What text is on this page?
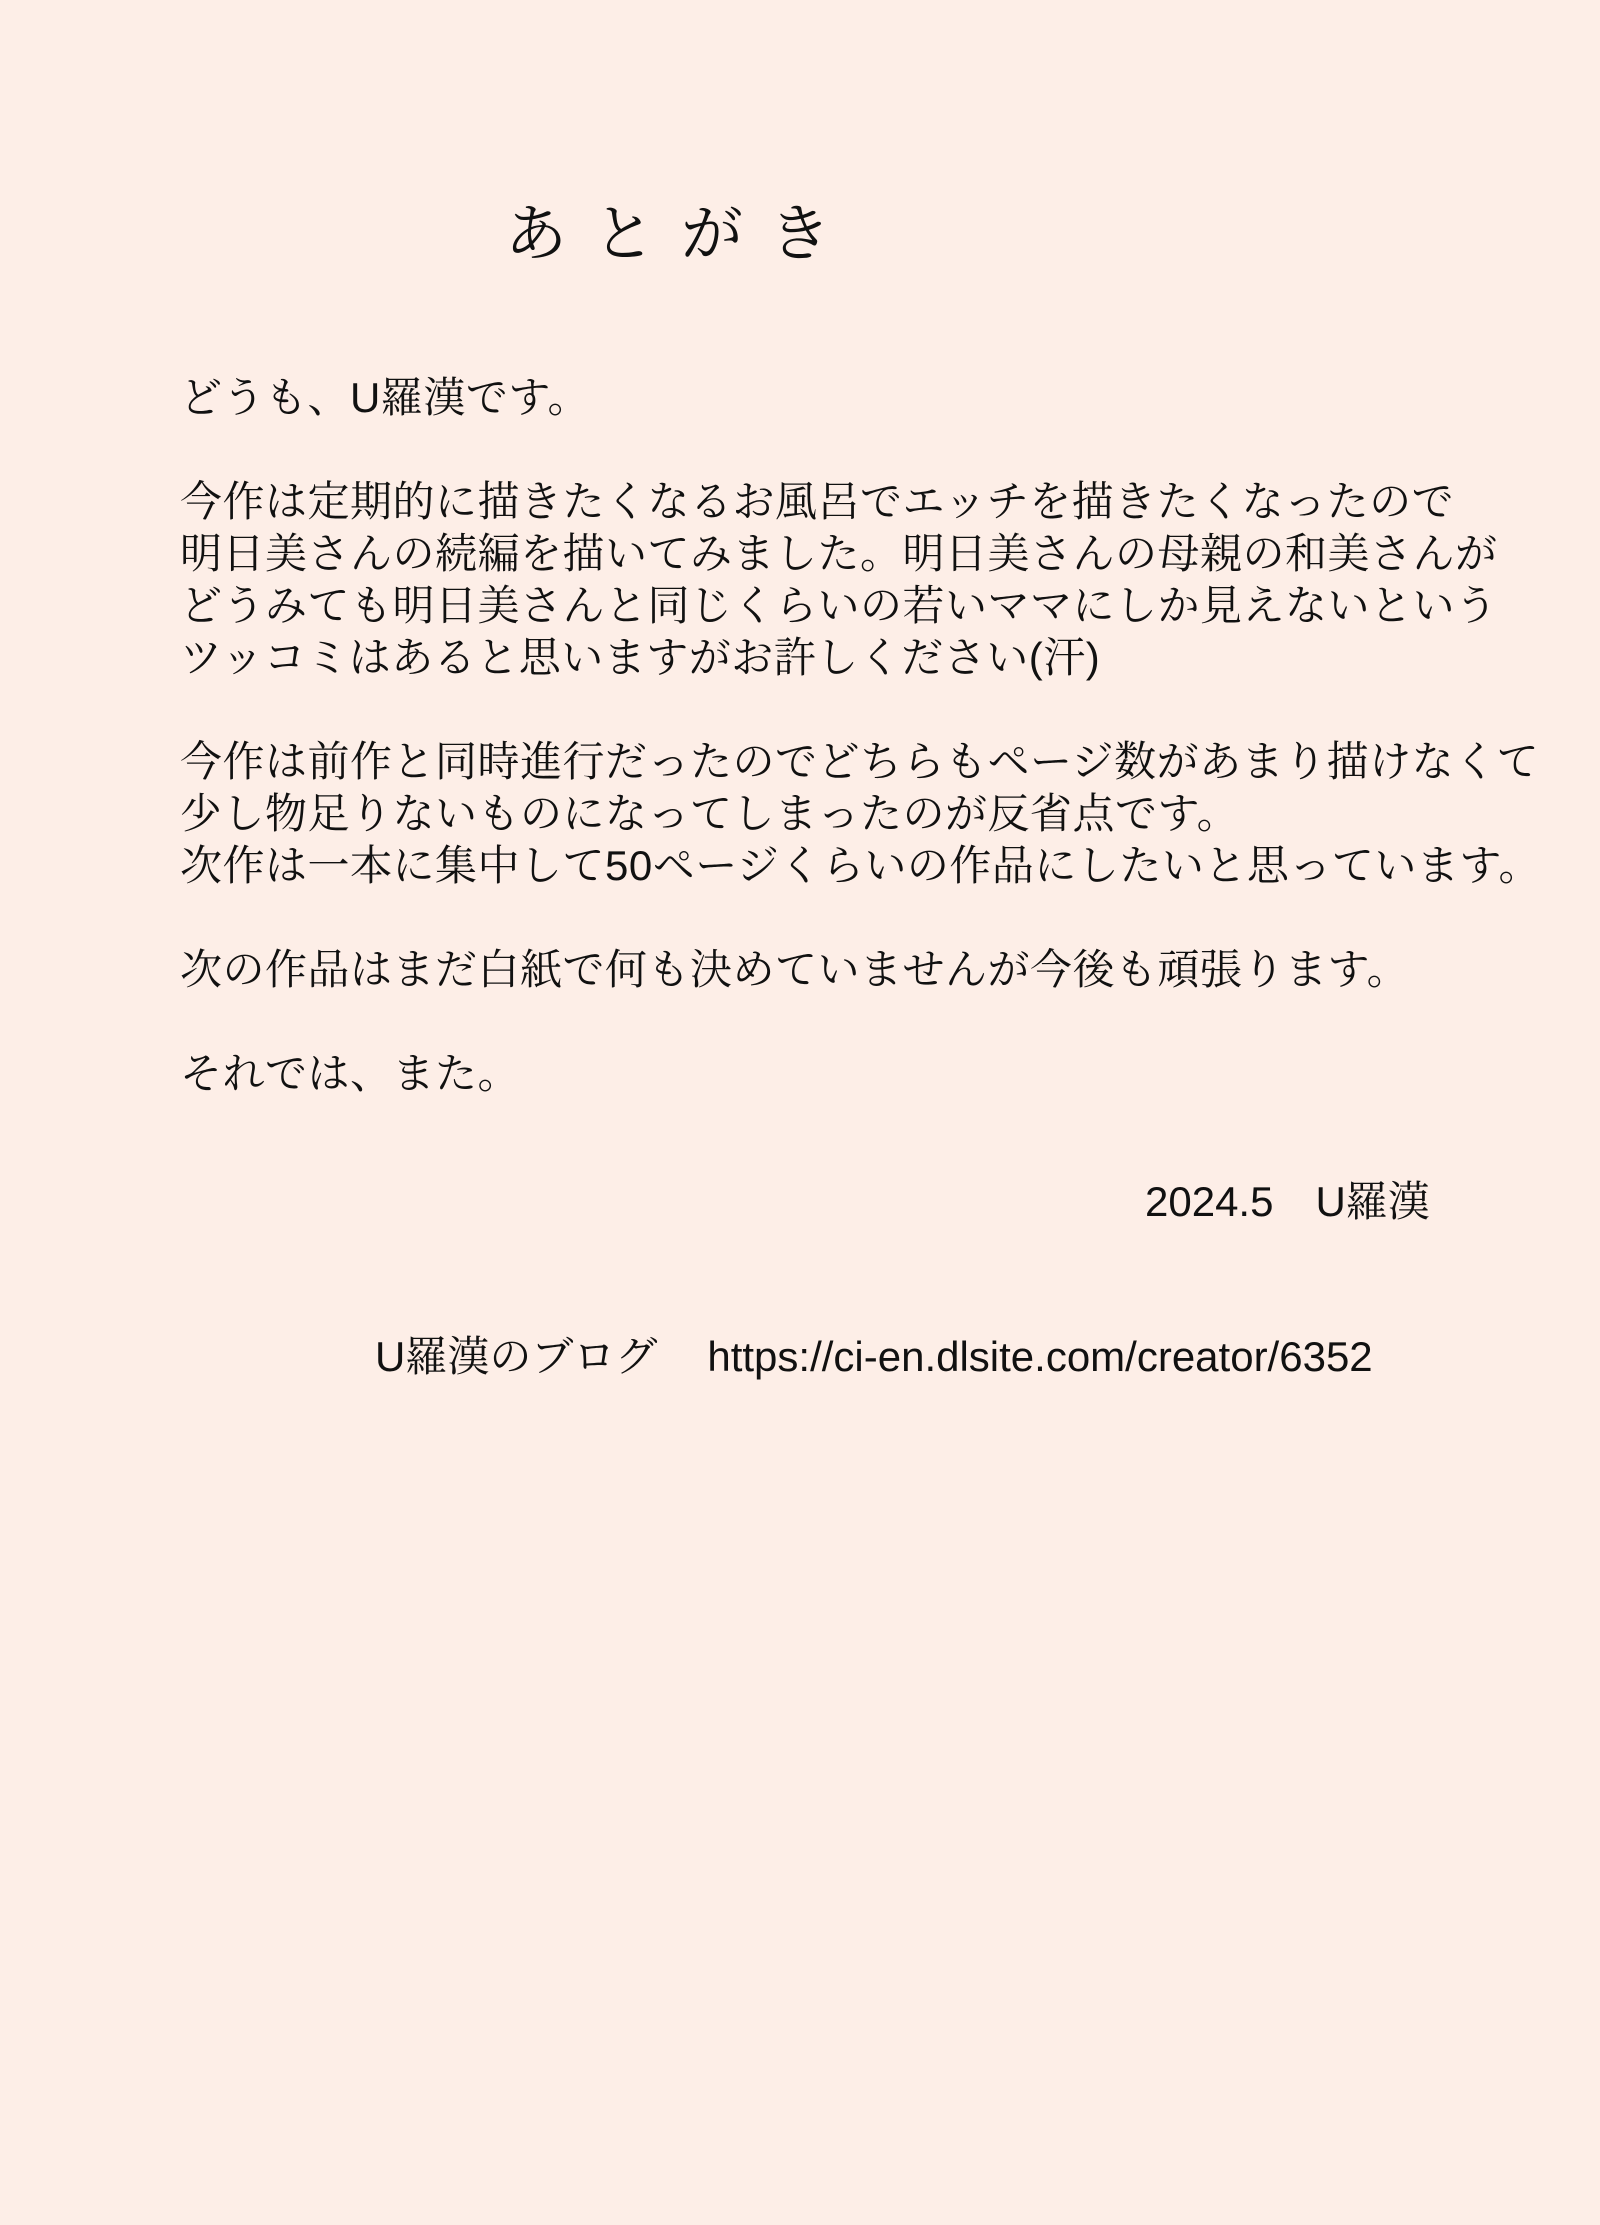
あとがき
どうも、U羅漢です。
今作は定期的に描きたくなるお風呂でエッチを描きたくなったので
明日美さんの続編を描いてみました。明日美さんの母親の和美さんが
どうみても明日美さんと同じくらいの若いママにしか見えないという
ツッコミはあると思いますがお許しください(汗)
今作は前作と同時進行だったのでどちらもページ数があまり描けなくて
少し物足りないものになってしまったのが反省点です。
次作は一本に集中して50ページくらいの作品にしたいと思っています。
次の作品はまだ白紙で何も決めていませんが今後も頑張ります。
それでは、また。
2024.5　U羅漢
U羅漢のブログ https://ci-en.dlsite.com/creator/6352
